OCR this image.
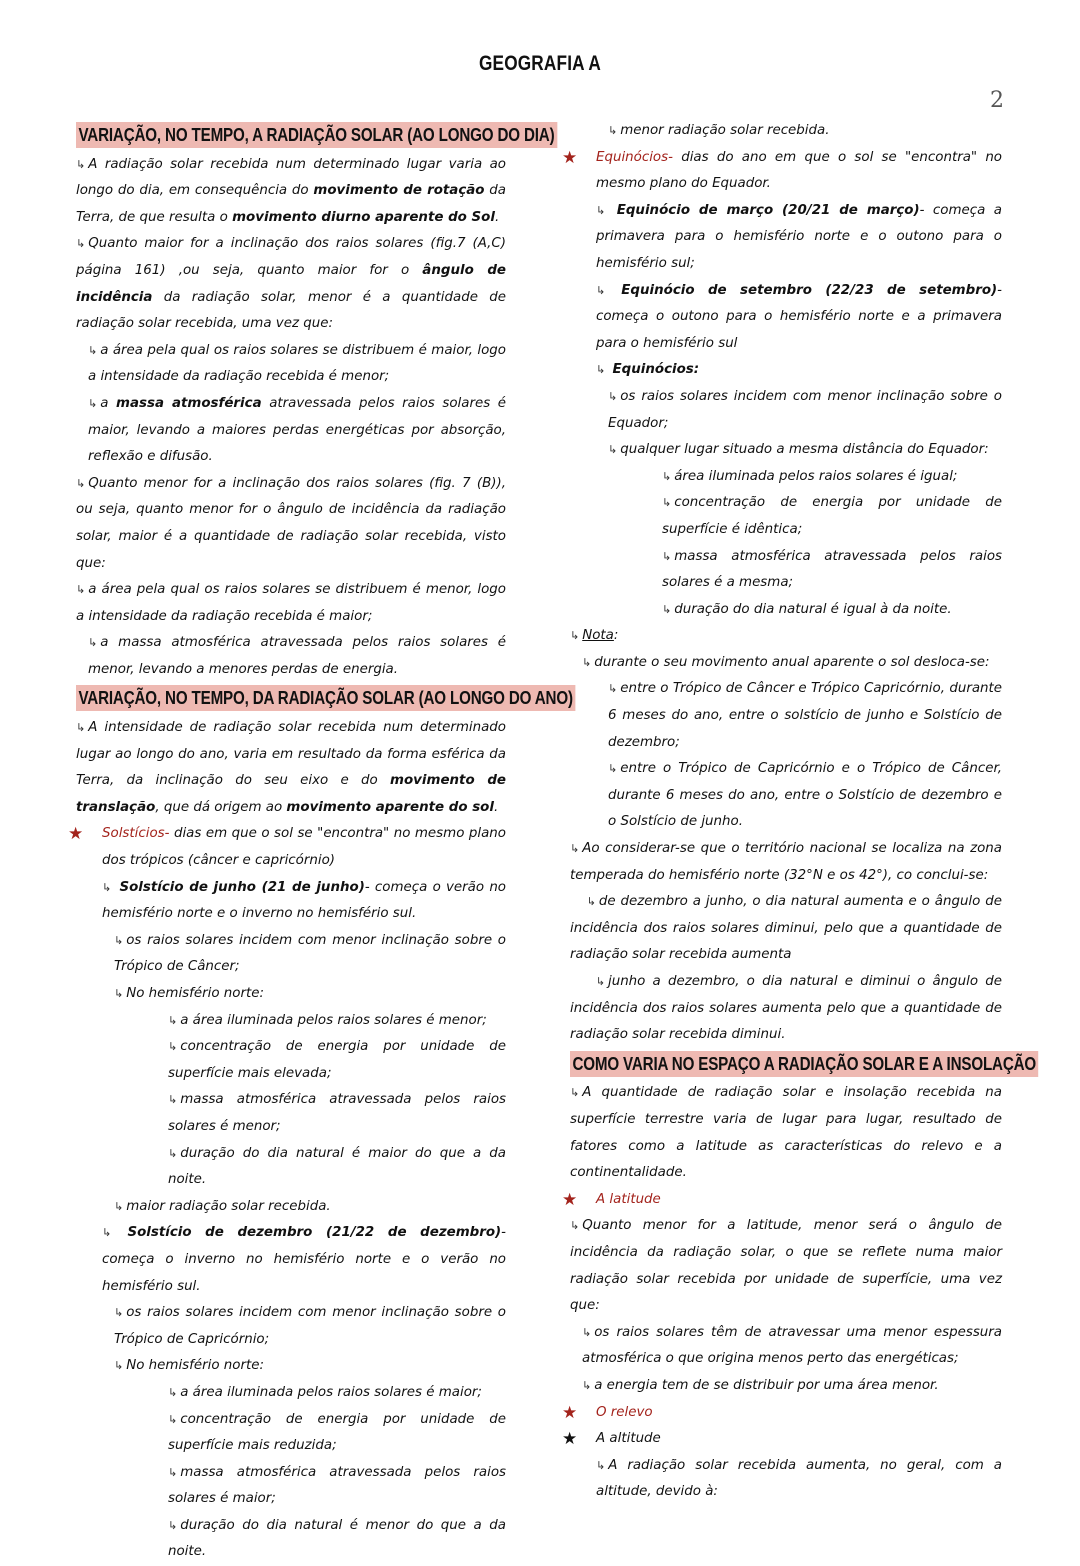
GEOGRAFIA A
2
VARIAÇÃO, NO TEMPO, A RADIAÇÃO SOLAR (AO LONGO DO DIA)
↳ A radiação solar recebida num determinado lugar varia ao longo do dia, em consequência do movimento de rotação da Terra, de que resulta o movimento diurno aparente do Sol.
↳ Quanto maior for a inclinação dos raios solares (fig.7 (A,C) página 161) ,ou seja, quanto maior for o ângulo de incidência da radiação solar, menor é a quantidade de radiação solar recebida, uma vez que:
↳ a área pela qual os raios solares se distribuem é maior, logo a intensidade da radiação recebida é menor;
↳ a massa atmosférica atravessada pelos raios solares é maior, levando a maiores perdas energéticas por absorção, reflexão e difusão.
↳ Quanto menor for a inclinação dos raios solares (fig. 7 (B)), ou seja, quanto menor for o ângulo de incidência da radiação solar, maior é a quantidade de radiação solar recebida, visto que:
↳ a área pela qual os raios solares se distribuem é menor, logo a intensidade da radiação recebida é maior;
↳ a massa atmosférica atravessada pelos raios solares é menor, levando a menores perdas de energia.
VARIAÇÃO, NO TEMPO, DA RADIAÇÃO SOLAR (AO LONGO DO ANO)
↳ A intensidade de radiação solar recebida num determinado lugar ao longo do ano, varia em resultado da forma esférica da Terra, da inclinação do seu eixo e do movimento de translação, que dá origem ao movimento aparente do sol.
★ Solstícios- dias em que o sol se "encontra" no mesmo plano dos trópicos (câncer e capricórnio)
↳ Solstício de junho (21 de junho)- começa o verão no hemisfério norte e o inverno no hemisfério sul.
↳ os raios solares incidem com menor inclinação sobre o Trópico de Câncer;
↳ No hemisfério norte:
↳ a área iluminada pelos raios solares é menor;
↳ concentração de energia por unidade de superfície mais elevada;
↳ massa atmosférica atravessada pelos raios solares é menor;
↳ duração do dia natural é maior do que a da noite.
↳ maior radiação solar recebida.
↳ Solstício de dezembro (21/22 de dezembro)- começa o inverno no hemisfério norte e o verão no hemisfério sul.
↳ os raios solares incidem com menor inclinação sobre o Trópico de Capricórnio;
↳ No hemisfério norte:
↳ a área iluminada pelos raios solares é maior;
↳ concentração de energia por unidade de superfície mais reduzida;
↳ massa atmosférica atravessada pelos raios solares é maior;
↳ duração do dia natural é menor do que a da noite.
↳ menor radiação solar recebida.
★ Equinócios- dias do ano em que o sol se "encontra" no mesmo plano do Equador.
↳ Equinócio de março (20/21 de março)- começa a primavera para o hemisfério norte e o outono para o hemisfério sul;
↳ Equinócio de setembro (22/23 de setembro)- começa o outono para o hemisfério norte e a primavera para o hemisfério sul
↳ Equinócios:
↳ os raios solares incidem com menor inclinação sobre o Equador;
↳ qualquer lugar situado a mesma distância do Equador:
↳ área iluminada pelos raios solares é igual;
↳ concentração de energia por unidade de superfície é idêntica;
↳ massa atmosférica atravessada pelos raios solares é a mesma;
↳ duração do dia natural é igual à da noite.
↳ Nota:
↳ durante o seu movimento anual aparente o sol desloca-se:
↳ entre o Trópico de Câncer e Trópico Capricórnio, durante 6 meses do ano, entre o solstício de junho e Solstício de dezembro;
↳ entre o Trópico de Capricórnio e o Trópico de Câncer, durante 6 meses do ano, entre o Solstício de dezembro e o Solstício de junho.
↳ Ao considerar-se que o território nacional se localiza na zona temperada do hemisfério norte (32°N e os 42°), co conclui-se:
↳ de dezembro a junho, o dia natural aumenta e o ângulo de incidência dos raios solares diminui, pelo que a quantidade de radiação solar recebida aumenta
↳ junho a dezembro, o dia natural e diminui o ângulo de incidência dos raios solares aumenta pelo que a quantidade de radiação solar recebida diminui.
COMO VARIA NO ESPAÇO A RADIAÇÃO SOLAR E A INSOLAÇÃO
↳ A quantidade de radiação solar e insolação recebida na superfície terrestre varia de lugar para lugar, resultado de fatores como a latitude as características do relevo e a continentalidade.
★ A latitude
↳ Quanto menor for a latitude, menor será o ângulo de incidência da radiação solar, o que se reflete numa maior radiação solar recebida por unidade de superfície, uma vez que:
↳ os raios solares têm de atravessar uma menor espessura atmosférica o que origina menos perto das energéticas;
↳ a energia tem de se distribuir por uma área menor.
★ O relevo
★ A altitude
↳ A radiação solar recebida aumenta, no geral, com a altitude, devido à:
